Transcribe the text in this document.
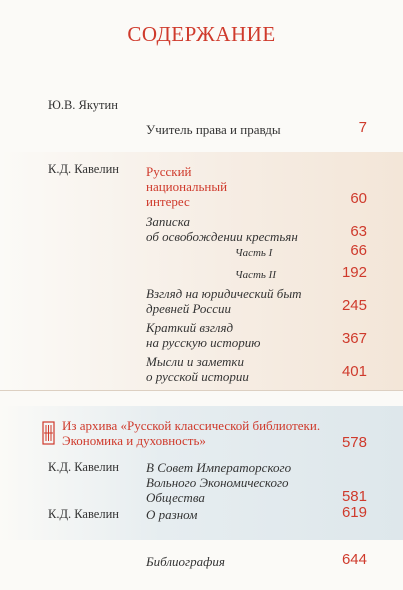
СОДЕРЖАНИЕ
Ю.В. Якутин
Учитель права и правды	7
К.Д. Кавелин Русский
национальный
интерес	60
Записка
об освобождении крестьян	63
Часть I	66
Часть II	192
Взгляд на юридический быт
древней России	245
Краткий взгляд
на русскую историю	367
Мысли и заметки
о русской истории	401
Из архива «Русской классической библиотеки.
Экономика и духовность»	578
К.Д. Кавелин В Совет Императорского
Вольного Экономического
Общества	581
К.Д. Кавелин О разном	619
Библиография	644
